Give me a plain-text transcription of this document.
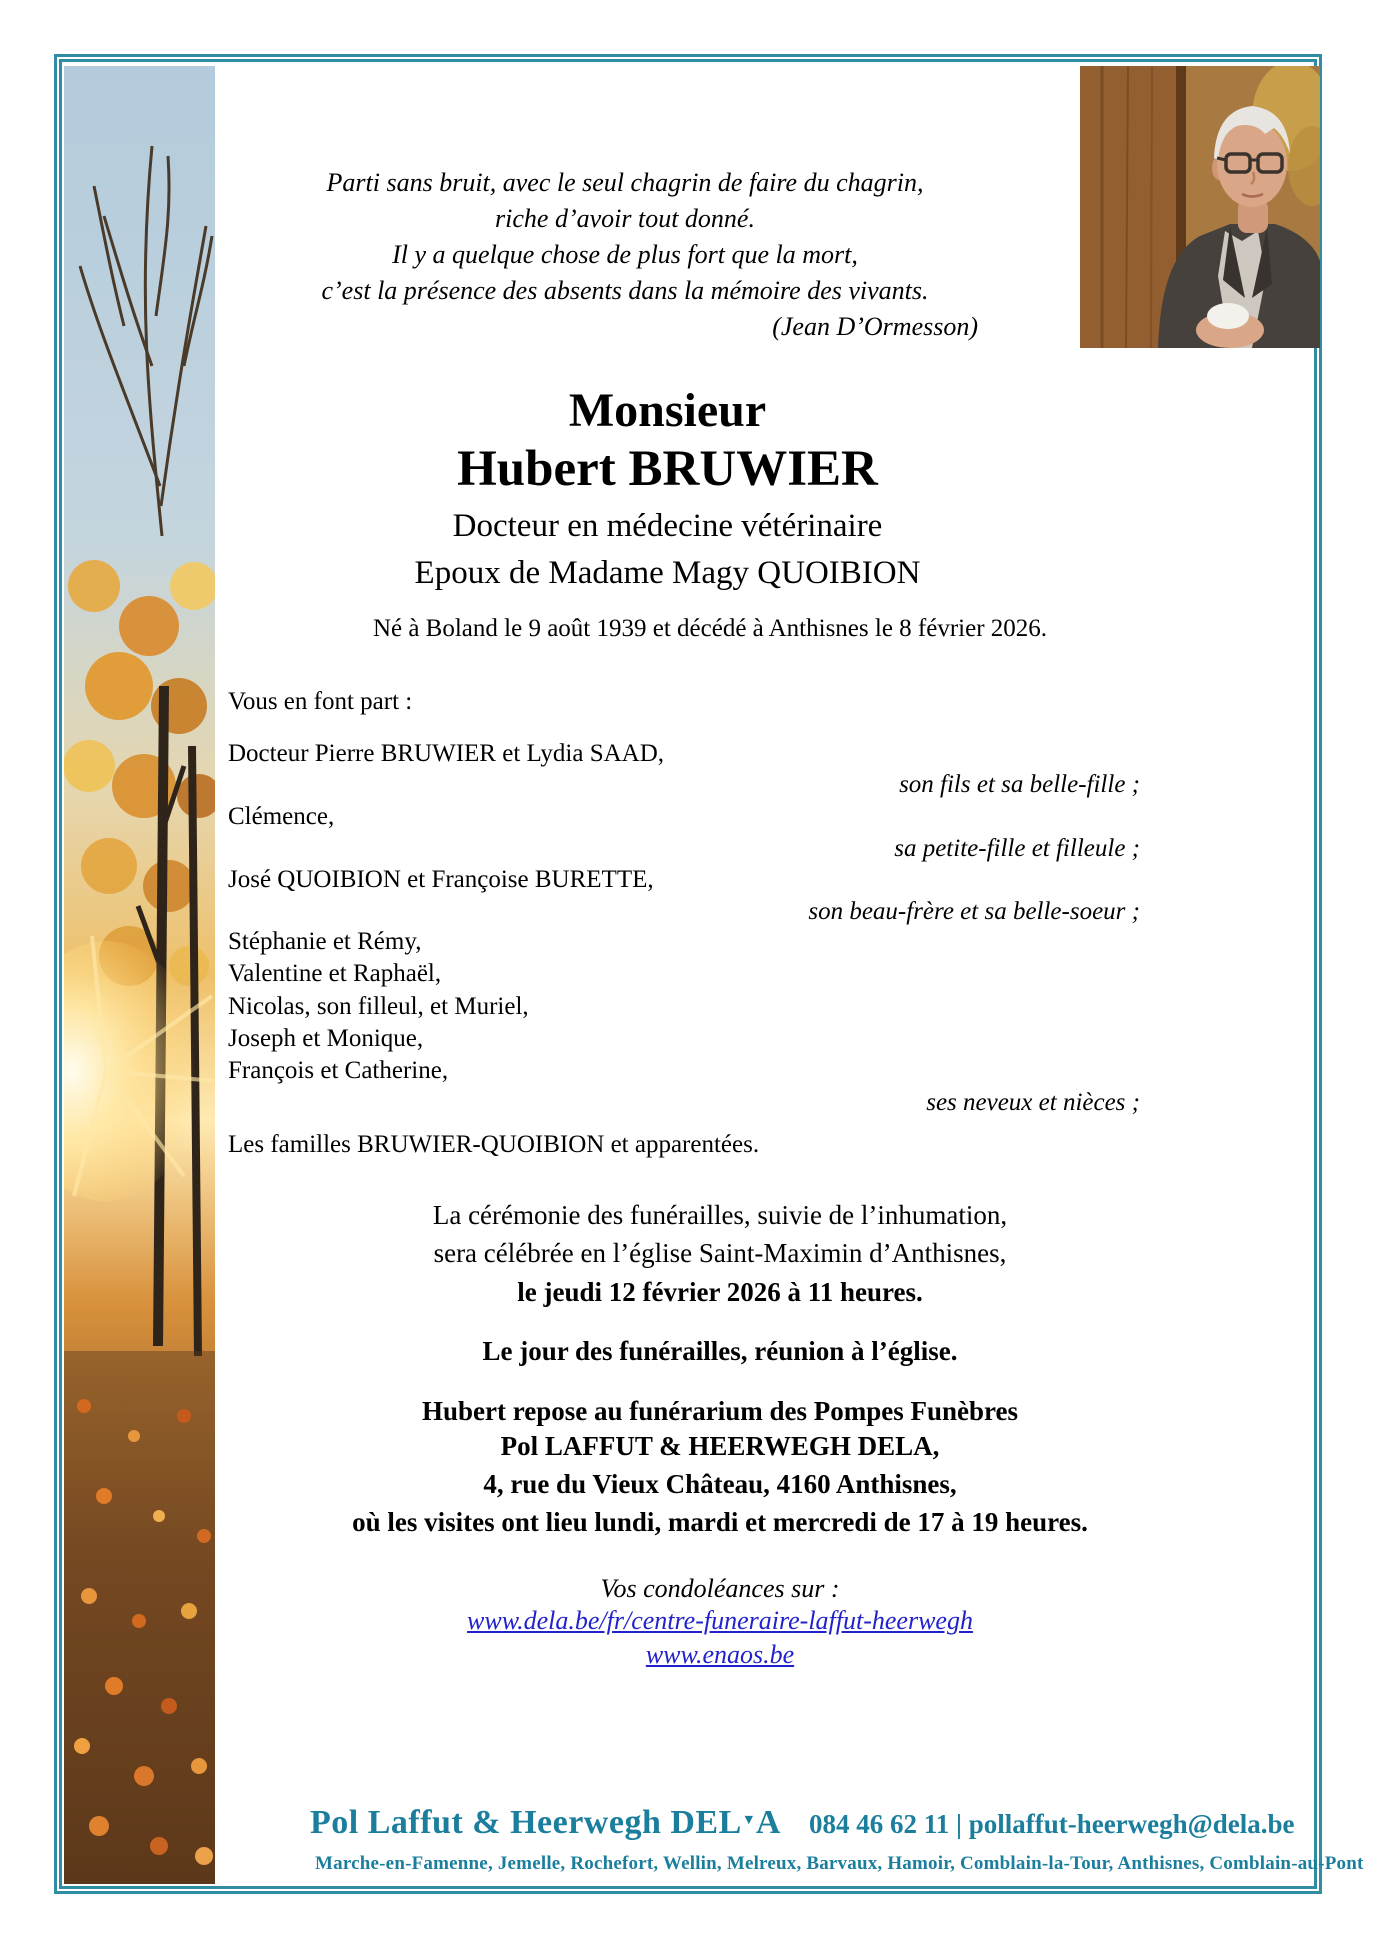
Parti sans bruit, avec le seul chagrin de faire du chagrin,
riche d’avoir tout donné.
Il y a quelque chose de plus fort que la mort,
c’est la présence des absents dans la mémoire des vivants.
(Jean D’Ormesson)
Monsieur
Hubert BRUWIER
Docteur en médecine vétérinaire
Epoux de Madame Magy QUOIBION
Né à Boland le 9 août 1939 et décédé à Anthisnes le 8 février 2026.
Vous en font part :
Docteur Pierre BRUWIER et Lydia SAAD,
son fils et sa belle-fille ;
Clémence,
sa petite-fille et filleule ;
José QUOIBION et Françoise BURETTE,
son beau-frère et sa belle-soeur ;
Stéphanie et Rémy,
Valentine et Raphaël,
Nicolas, son filleul, et Muriel,
Joseph et Monique,
François et Catherine,
ses neveux et nièces ;
Les familles BRUWIER-QUOIBION et apparentées.
La cérémonie des funérailles, suivie de l’inhumation,
sera célébrée en l’église Saint-Maximin d’Anthisnes,
le jeudi 12 février 2026 à 11 heures.
Le jour des funérailles, réunion à l’église.
Hubert repose au funérarium des Pompes Funèbres
Pol LAFFUT & HEERWEGH DELA,
4, rue du Vieux Château, 4160 Anthisnes,
où les visites ont lieu lundi, mardi et mercredi de 17 à 19 heures.
Vos condoléances sur :
www.dela.be/fr/centre-funeraire-laffut-heerwegh
www.enaos.be
Pol Laffut & Heerwegh DEL▼A 084 46 62 11 | pollaffut-heerwegh@dela.be
Marche-en-Famenne, Jemelle, Rochefort, Wellin, Melreux, Barvaux, Hamoir, Comblain-la-Tour, Anthisnes, Comblain-au-Pont
